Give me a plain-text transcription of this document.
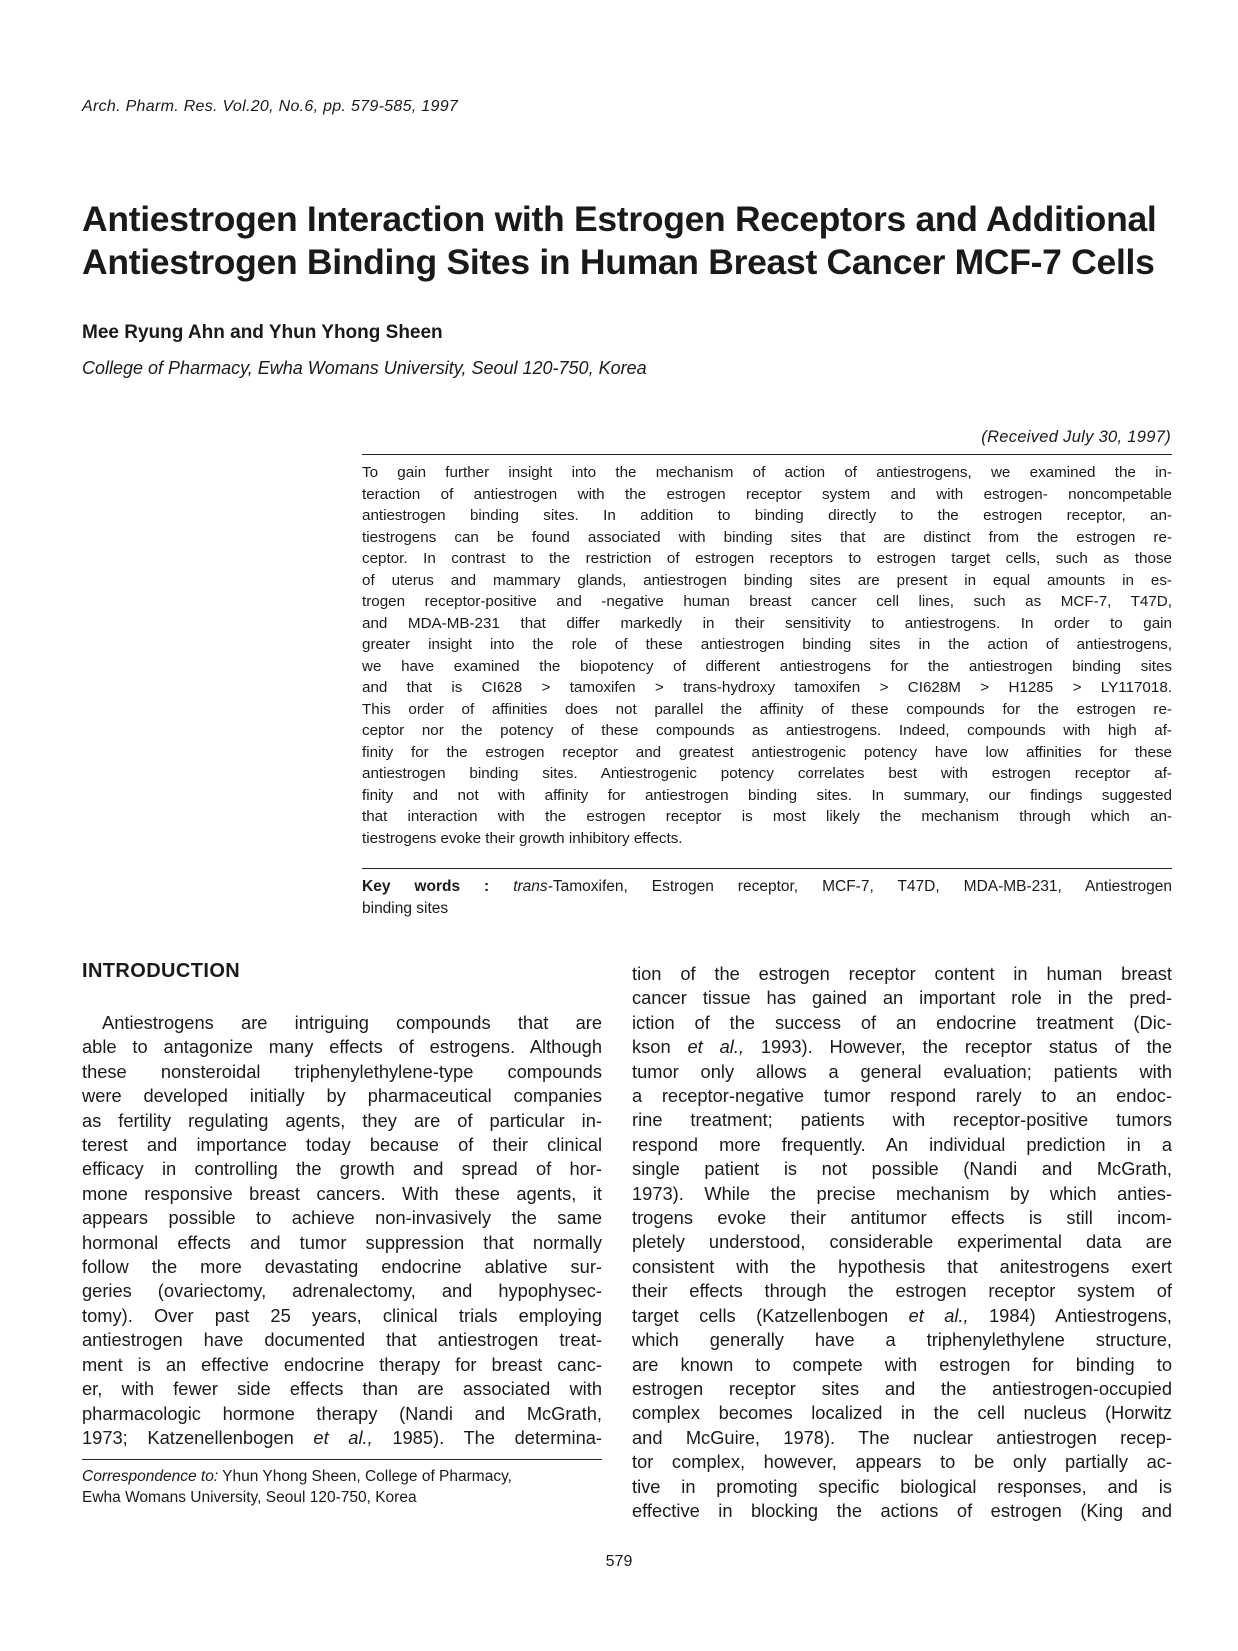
Arch. Pharm. Res. Vol.20, No.6, pp. 579-585, 1997
Antiestrogen Interaction with Estrogen Receptors and Additional
Antiestrogen Binding Sites in Human Breast Cancer MCF-7 Cells
Mee Ryung Ahn and Yhun Yhong Sheen
College of Pharmacy, Ewha Womans University, Seoul 120-750, Korea
(Received July 30, 1997)
To gain further insight into the mechanism of action of antiestrogens, we examined the in-
teraction of antiestrogen with the estrogen receptor system and with estrogen- noncompetable
antiestrogen binding sites. In addition to binding directly to the estrogen receptor, an-
tiestrogens can be found associated with binding sites that are distinct from the estrogen re-
ceptor. In contrast to the restriction of estrogen receptors to estrogen target cells, such as those
of uterus and mammary glands, antiestrogen binding sites are present in equal amounts in es-
trogen receptor-positive and -negative human breast cancer cell lines, such as MCF-7, T47D,
and MDA-MB-231 that differ markedly in their sensitivity to antiestrogens. In order to gain
greater insight into the role of these antiestrogen binding sites in the action of antiestrogens,
we have examined the biopotency of different antiestrogens for the antiestrogen binding sites
and that is CI628 > tamoxifen > trans-hydroxy tamoxifen > CI628M > H1285 > LY117018.
This order of affinities does not parallel the affinity of these compounds for the estrogen re-
ceptor nor the potency of these compounds as antiestrogens. Indeed, compounds with high af-
finity for the estrogen receptor and greatest antiestrogenic potency have low affinities for these
antiestrogen binding sites. Antiestrogenic potency correlates best with estrogen receptor af-
finity and not with affinity for antiestrogen binding sites. In summary, our findings suggested
that interaction with the estrogen receptor is most likely the mechanism through which an-
tiestrogens evoke their growth inhibitory effects.
Key words : trans-Tamoxifen, Estrogen receptor, MCF-7, T47D, MDA-MB-231, Antiestrogen
binding sites
INTRODUCTION
Antiestrogens are intriguing compounds that are
able to antagonize many effects of estrogens. Although
these nonsteroidal triphenylethylene-type compounds
were developed initially by pharmaceutical companies
as fertility regulating agents, they are of particular in-
terest and importance today because of their clinical
efficacy in controlling the growth and spread of hor-
mone responsive breast cancers. With these agents, it
appears possible to achieve non-invasively the same
hormonal effects and tumor suppression that normally
follow the more devastating endocrine ablative sur-
geries (ovariectomy, adrenalectomy, and hypophysec-
tomy). Over past 25 years, clinical trials employing
antiestrogen have documented that antiestrogen treat-
ment is an effective endocrine therapy for breast canc-
er, with fewer side effects than are associated with
pharmacologic hormone therapy (Nandi and McGrath,
1973; Katzenellenbogen et al., 1985). The determina-
Correspondence to: Yhun Yhong Sheen, College of Pharmacy,
Ewha Womans University, Seoul 120-750, Korea
tion of the estrogen receptor content in human breast
cancer tissue has gained an important role in the pred-
iction of the success of an endocrine treatment (Dic-
kson et al., 1993). However, the receptor status of the
tumor only allows a general evaluation; patients with
a receptor-negative tumor respond rarely to an endoc-
rine treatment; patients with receptor-positive tumors
respond more frequently. An individual prediction in a
single patient is not possible (Nandi and McGrath,
1973). While the precise mechanism by which anties-
trogens evoke their antitumor effects is still incom-
pletely understood, considerable experimental data are
consistent with the hypothesis that anitestrogens exert
their effects through the estrogen receptor system of
target cells (Katzellenbogen et al., 1984) Antiestrogens,
which generally have a triphenylethylene structure,
are known to compete with estrogen for binding to
estrogen receptor sites and the antiestrogen-occupied
complex becomes localized in the cell nucleus (Horwitz
and McGuire, 1978). The nuclear antiestrogen recep-
tor complex, however, appears to be only partially ac-
tive in promoting specific biological responses, and is
effective in blocking the actions of estrogen (King and
579
